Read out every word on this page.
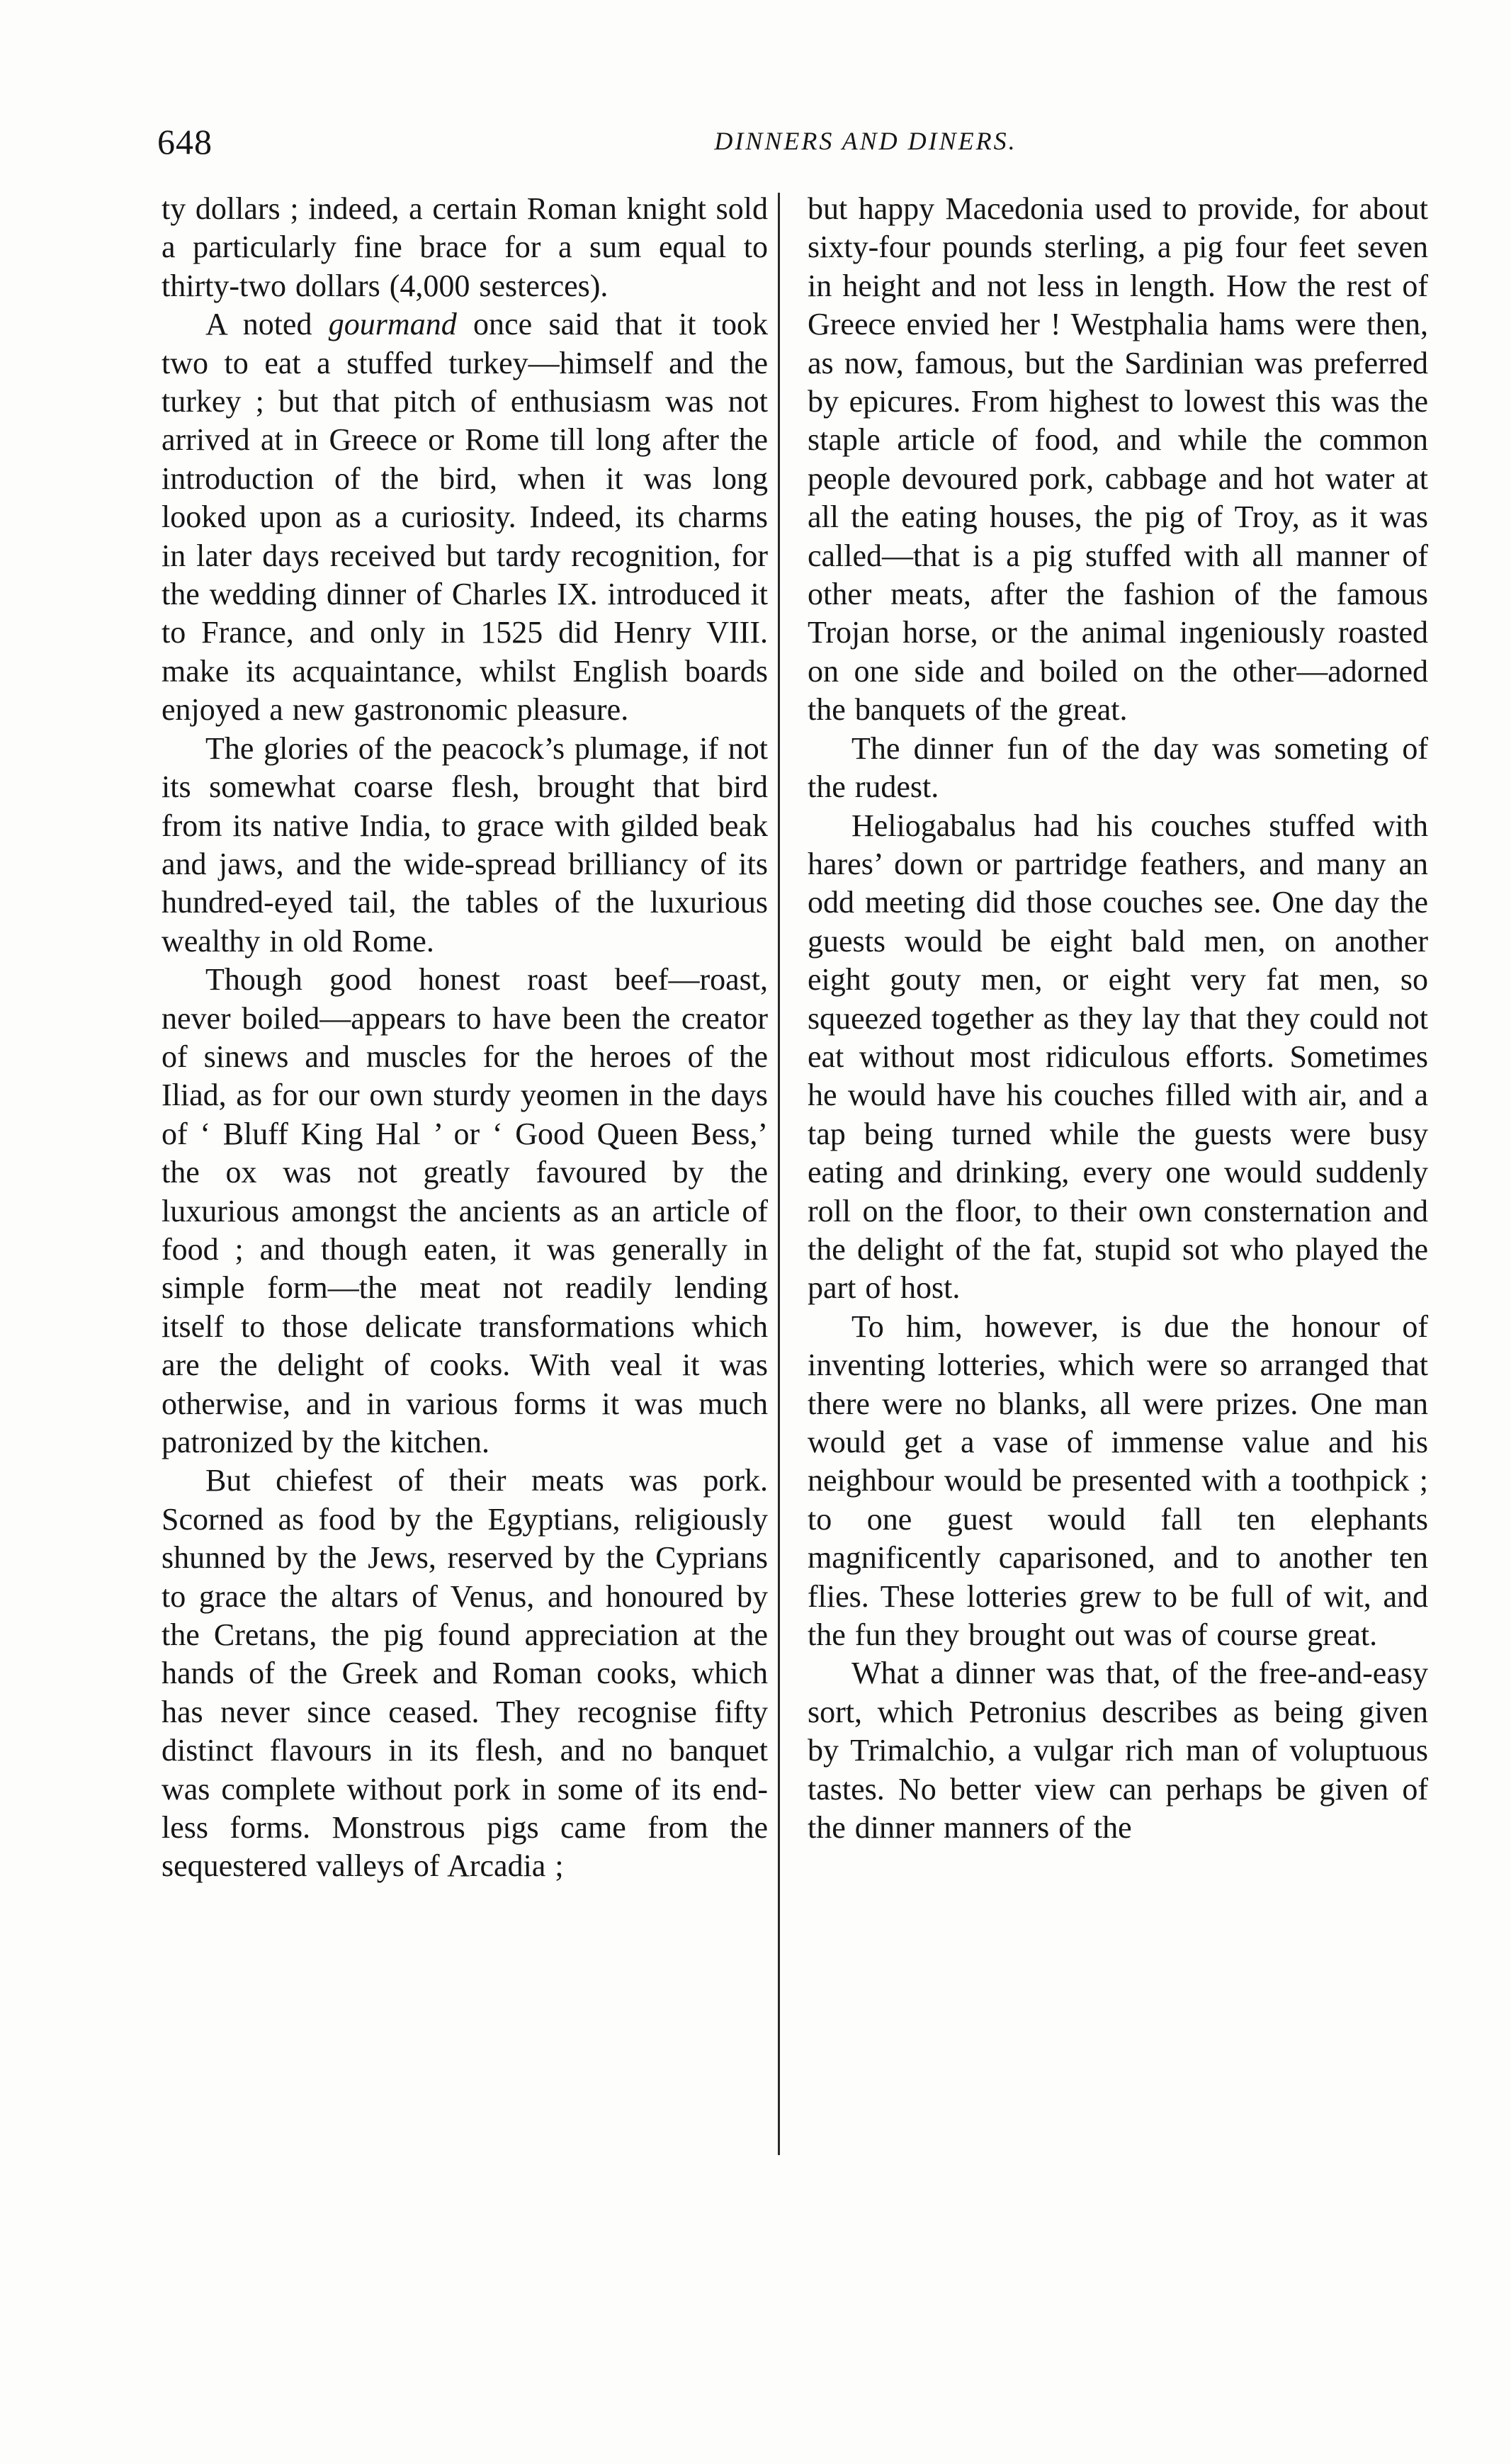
648	DINNERS AND DINERS.

ty dollars ; indeed, a certain Roman knight sold a particularly fine brace for a sum equal to thirty-two dollars (4,000 sesterces).

A noted gourmand once said that it took two to eat a stuffed turkey—himself and the turkey ; but that pitch of enthusiasm was not arrived at in Greece or Rome till long after the introduction of the bird, when it was long looked upon as a curiosity. Indeed, its charms in later days received but tardy recognition, for the wedding dinner of Charles IX. introduced it to France, and only in 1525 did Henry VIII. make its acquaintance, whilst English boards enjoyed a new gastronomic pleasure.

The glories of the peacock’s plumage, if not its somewhat coarse flesh, brought that bird from its native India, to grace with gilded beak and jaws, and the wide-spread brilliancy of its hundred-eyed tail, the tables of the luxurious wealthy in old Rome.

Though good honest roast beef—roast, never boiled—appears to have been the creator of sinews and muscles for the heroes of the Iliad, as for our own sturdy yeomen in the days of ‘ Bluff King Hal ’ or ‘ Good Queen Bess,’ the ox was not greatly favoured by the luxurious amongst the ancients as an article of food ; and though eaten, it was generally in simple form—the meat not readily lending itself to those delicate transformations which are the delight of cooks. With veal it was otherwise, and in various forms it was much patronized by the kitchen.

But chiefest of their meats was pork. Scorned as food by the Egyptians, religiously shunned by the Jews, reserved by the Cyprians to grace the altars of Venus, and honoured by the Cretans, the pig found appreciation at the hands of the Greek and Roman cooks, which has never since ceased. They recognise fifty distinct flavours in its flesh, and no banquet was complete without pork in some of its endless forms. Monstrous pigs came from the sequestered valleys of Arcadia ;

but happy Macedonia used to provide, for about sixty-four pounds sterling, a pig four feet seven in height and not less in length. How the rest of Greece envied her ! Westphalia hams were then, as now, famous, but the Sardinian was preferred by epicures. From highest to lowest this was the staple article of food, and while the common people devoured pork, cabbage and hot water at all the eating houses, the pig of Troy, as it was called—that is a pig stuffed with all manner of other meats, after the fashion of the famous Trojan horse, or the animal ingeniously roasted on one side and boiled on the other—adorned the banquets of the great.

The dinner fun of the day was someting of the rudest.

Heliogabalus had his couches stuffed with hares’ down or partridge feathers, and many an odd meeting did those couches see. One day the guests would be eight bald men, on another eight gouty men, or eight very fat men, so squeezed together as they lay that they could not eat without most ridiculous efforts. Sometimes he would have his couches filled with air, and a tap being turned while the guests were busy eating and drinking, every one would suddenly roll on the floor, to their own consternation and the delight of the fat, stupid sot who played the part of host.

To him, however, is due the honour of inventing lotteries, which were so arranged that there were no blanks, all were prizes. One man would get a vase of immense value and his neighbour would be presented with a toothpick ; to one guest would fall ten elephants magnificently caparisoned, and to another ten flies. These lotteries grew to be full of wit, and the fun they brought out was of course great.

What a dinner was that, of the free-and-easy sort, which Petronius describes as being given by Trimalchio, a vulgar rich man of voluptuous tastes. No better view can perhaps be given of the dinner manners of the
